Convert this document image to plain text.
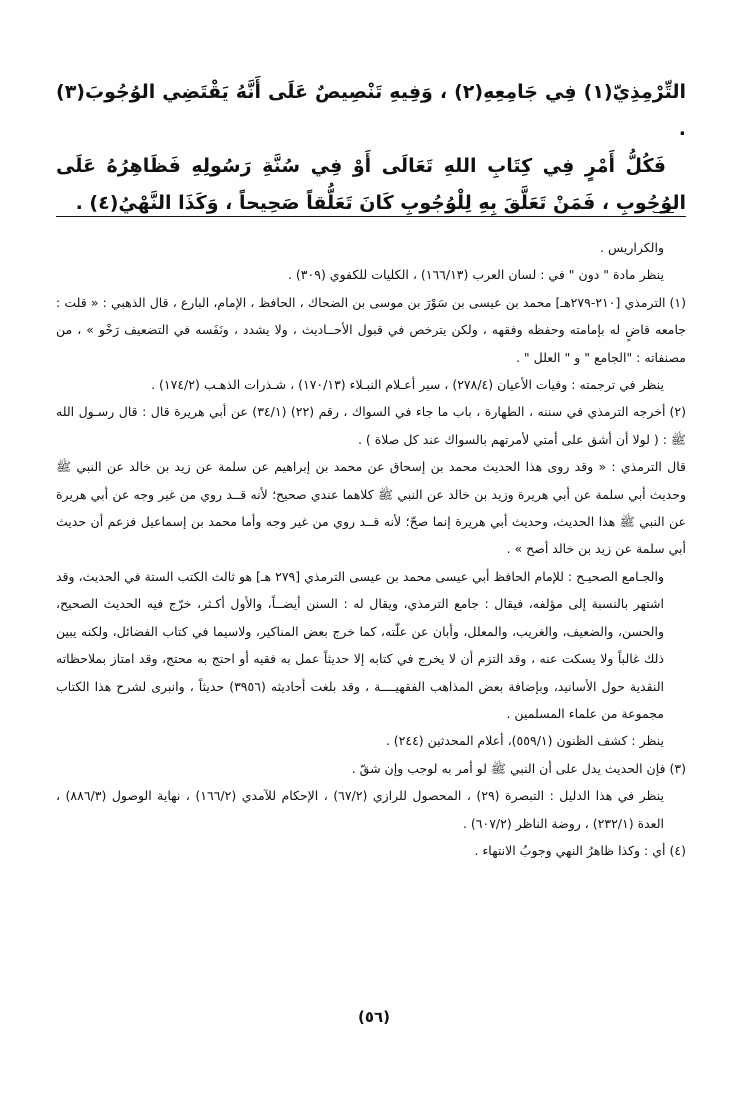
التِّرْمِذِيّ(١) فِي جَامِعِهِ(٢) ، وَفِيهِ تَنْصِيصٌ عَلَى أَنَّهُ يَقْتَضِي الوُجُوبَ(٣) .

فَكُلُّ أَمْرٍ فِي كِتَابِ اللهِ تَعَالَى أَوْ فِي سُنَّةِ رَسُولِهِ فَظَاهِرُهُ عَلَى الوُجُوبِ ، فَمَنْ تَعَلَّقَ بِهِ لِلْوُجُوبِ كَانَ تَعَلُّقاً صَحِيحاً ، وَكَذَا النَّهْيُ(٤) .

والكراريس .

ينظر مادة " دون " في : لسان العرب (١٦٦/١٣) ، الكليات للكفوي (٣٠٩) .

(١)الترمذي [٢١٠-٢٧٩هـ] محمد بن عيسى بن سَوْرَ بن موسى بن الضحاك ، الحافظ ، الإمام، البارع ، قال الذهبي : « قلت : جامعه قاضٍ له بإمامته وحفظه وفقهه ، ولكن يترخص في قبول الأحــاديث ، ولا يشدد ، ونَفَسه في التضعيف رَخْو » ، من مصنفاته : "الجامع " و " العلل " .

ينظر في ترجمته : وفيات الأعيان (٢٧٨/٤) ، سير أعـلام النبـلاء (١٧٠/١٣) ، شـذرات الذهـب (١٧٤/٢) .

(٢)أخرجه الترمذي في سننه ، الطهارة ، باب ما جاء في السواك ، رقم (٢٢) (٣٤/١) عن أبي هريرة قال : قال رسـول الله ﷺ : ( لولا أن أشق على أمتي لأمرتهم بالسواك عند كل صلاة ) .

قال الترمذي : « وقد روى هذا الحديث محمد بن إسحاق عن محمد بن إبراهيم عن سلمة عن زيد بن خالد عن النبي ﷺ وحديث أبي سلمة عن أبي هريرة وزيد بن خالد عن النبي ﷺ كلاهما عندي صحيح؛ لأنه قــد روي من غير وجه عن أبي هريرة عن النبي ﷺ هذا الحديث، وحديث أبي هريرة إنما صحّ؛ لأنه قــد روي من غير وجه وأما محمد بن إسماعيل فزعم أن حديث أبي سلمة عن زيد بن خالد أصح » .

والجـامع الصحيـح : للإمام الحافظ أبي عيسى محمد بن عيسى الترمذي [٢٧٩ هـ] هو ثالث الكتب الستة في الحديث، وقد اشتهر بالنسبة إلى مؤلفه، فيقال : جامع الترمذي، ويقال له : السنن أيضــاً، والأول أكـثر، خرّج فيه الحديث الصحيح، والحسن، والضعيف، والغريب، والمعلل، وأبان عن علّته، كما خرج بعض المناكير، ولاسيما في كتاب الفضائل، ولكنه يبين ذلك غالباً ولا يسكت عنه ، وقد التزم أن لا يخرج في كتابه إلا حديثاً عمل به فقيه أو احتج به محتج، وقد امتاز بملاحظاته النقدية حول الأسانيد، وبإضافة بعض المذاهب الفقهيــــة ، وقد بلغت أحاديثه (٣٩٥٦) حديثاً ، وانبرى لشرح هذا الكتاب مجموعة من علماء المسلمين .

ينظر : كشف الظنون (٥٥٩/١)، أعلام المحدثين (٢٤٤) .

(٣)فإن الحديث يدل على أن النبي ﷺ لو أمر به لوجب وإن شقّ .

ينظر في هذا الدليل : التبصرة (٢٩) ، المحصول للرازي (٦٧/٢) ، الإحكام للآمدي (١٦٦/٢) ، نهاية الوصول (٨٨٦/٣) ، العدة (٢٣٢/١) ، روضة الناظر (٦٠٧/٢) .

(٤)أي : وكذا ظاهرُ النهي وجوبُ الانتهاء .

(٥٦)
